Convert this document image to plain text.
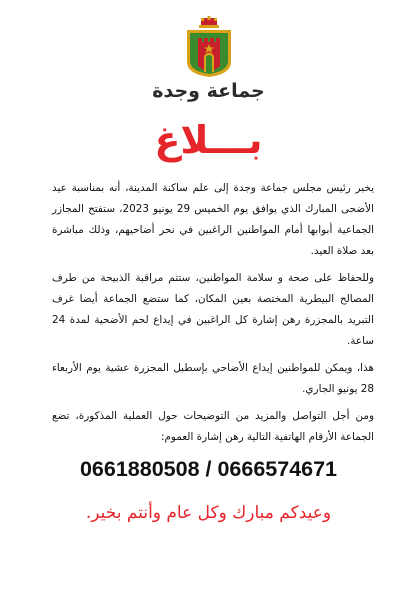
جماعة وجدة
بـــلاغ

يخبر رئيس مجلس جماعة وجدة إلى علم ساكنة المدينة، أنه بمناسبة عيد الأضحى المبارك الذي يوافق يوم الخميس 29 يونيو 2023، ستفتح المجازر الجماعية أبوابها أمام المواطنين الراغبين في نحر أضاحيهم، وذلك مباشرة بعد صلاة العيد.

وللحفاظ على صحة و سلامة المواطنين، ستتم مراقبة الذبيحة من طرف المصالح البيطرية المختصة بعين المكان، كما ستضع الجماعة أيضا غرف التبريد بالمجزرة رهن إشارة كل الراغبين في إيداع لحم الأضحية لمدة 24 ساعة.

هذا، ويمكن للمواطنين إيداع الأضاحي بإسطبل المجزرة عشية يوم الأربعاء 28 يونيو الجاري.

ومن أجل التواصل والمزيد من التوضيحات حول العملية المذكورة، تضع الجماعة الأرقام الهاتفية التالية رهن إشارة العموم:

0661880508 / 0666574671
وعيدكم مبارك وكل عام وأنتم بخير.
